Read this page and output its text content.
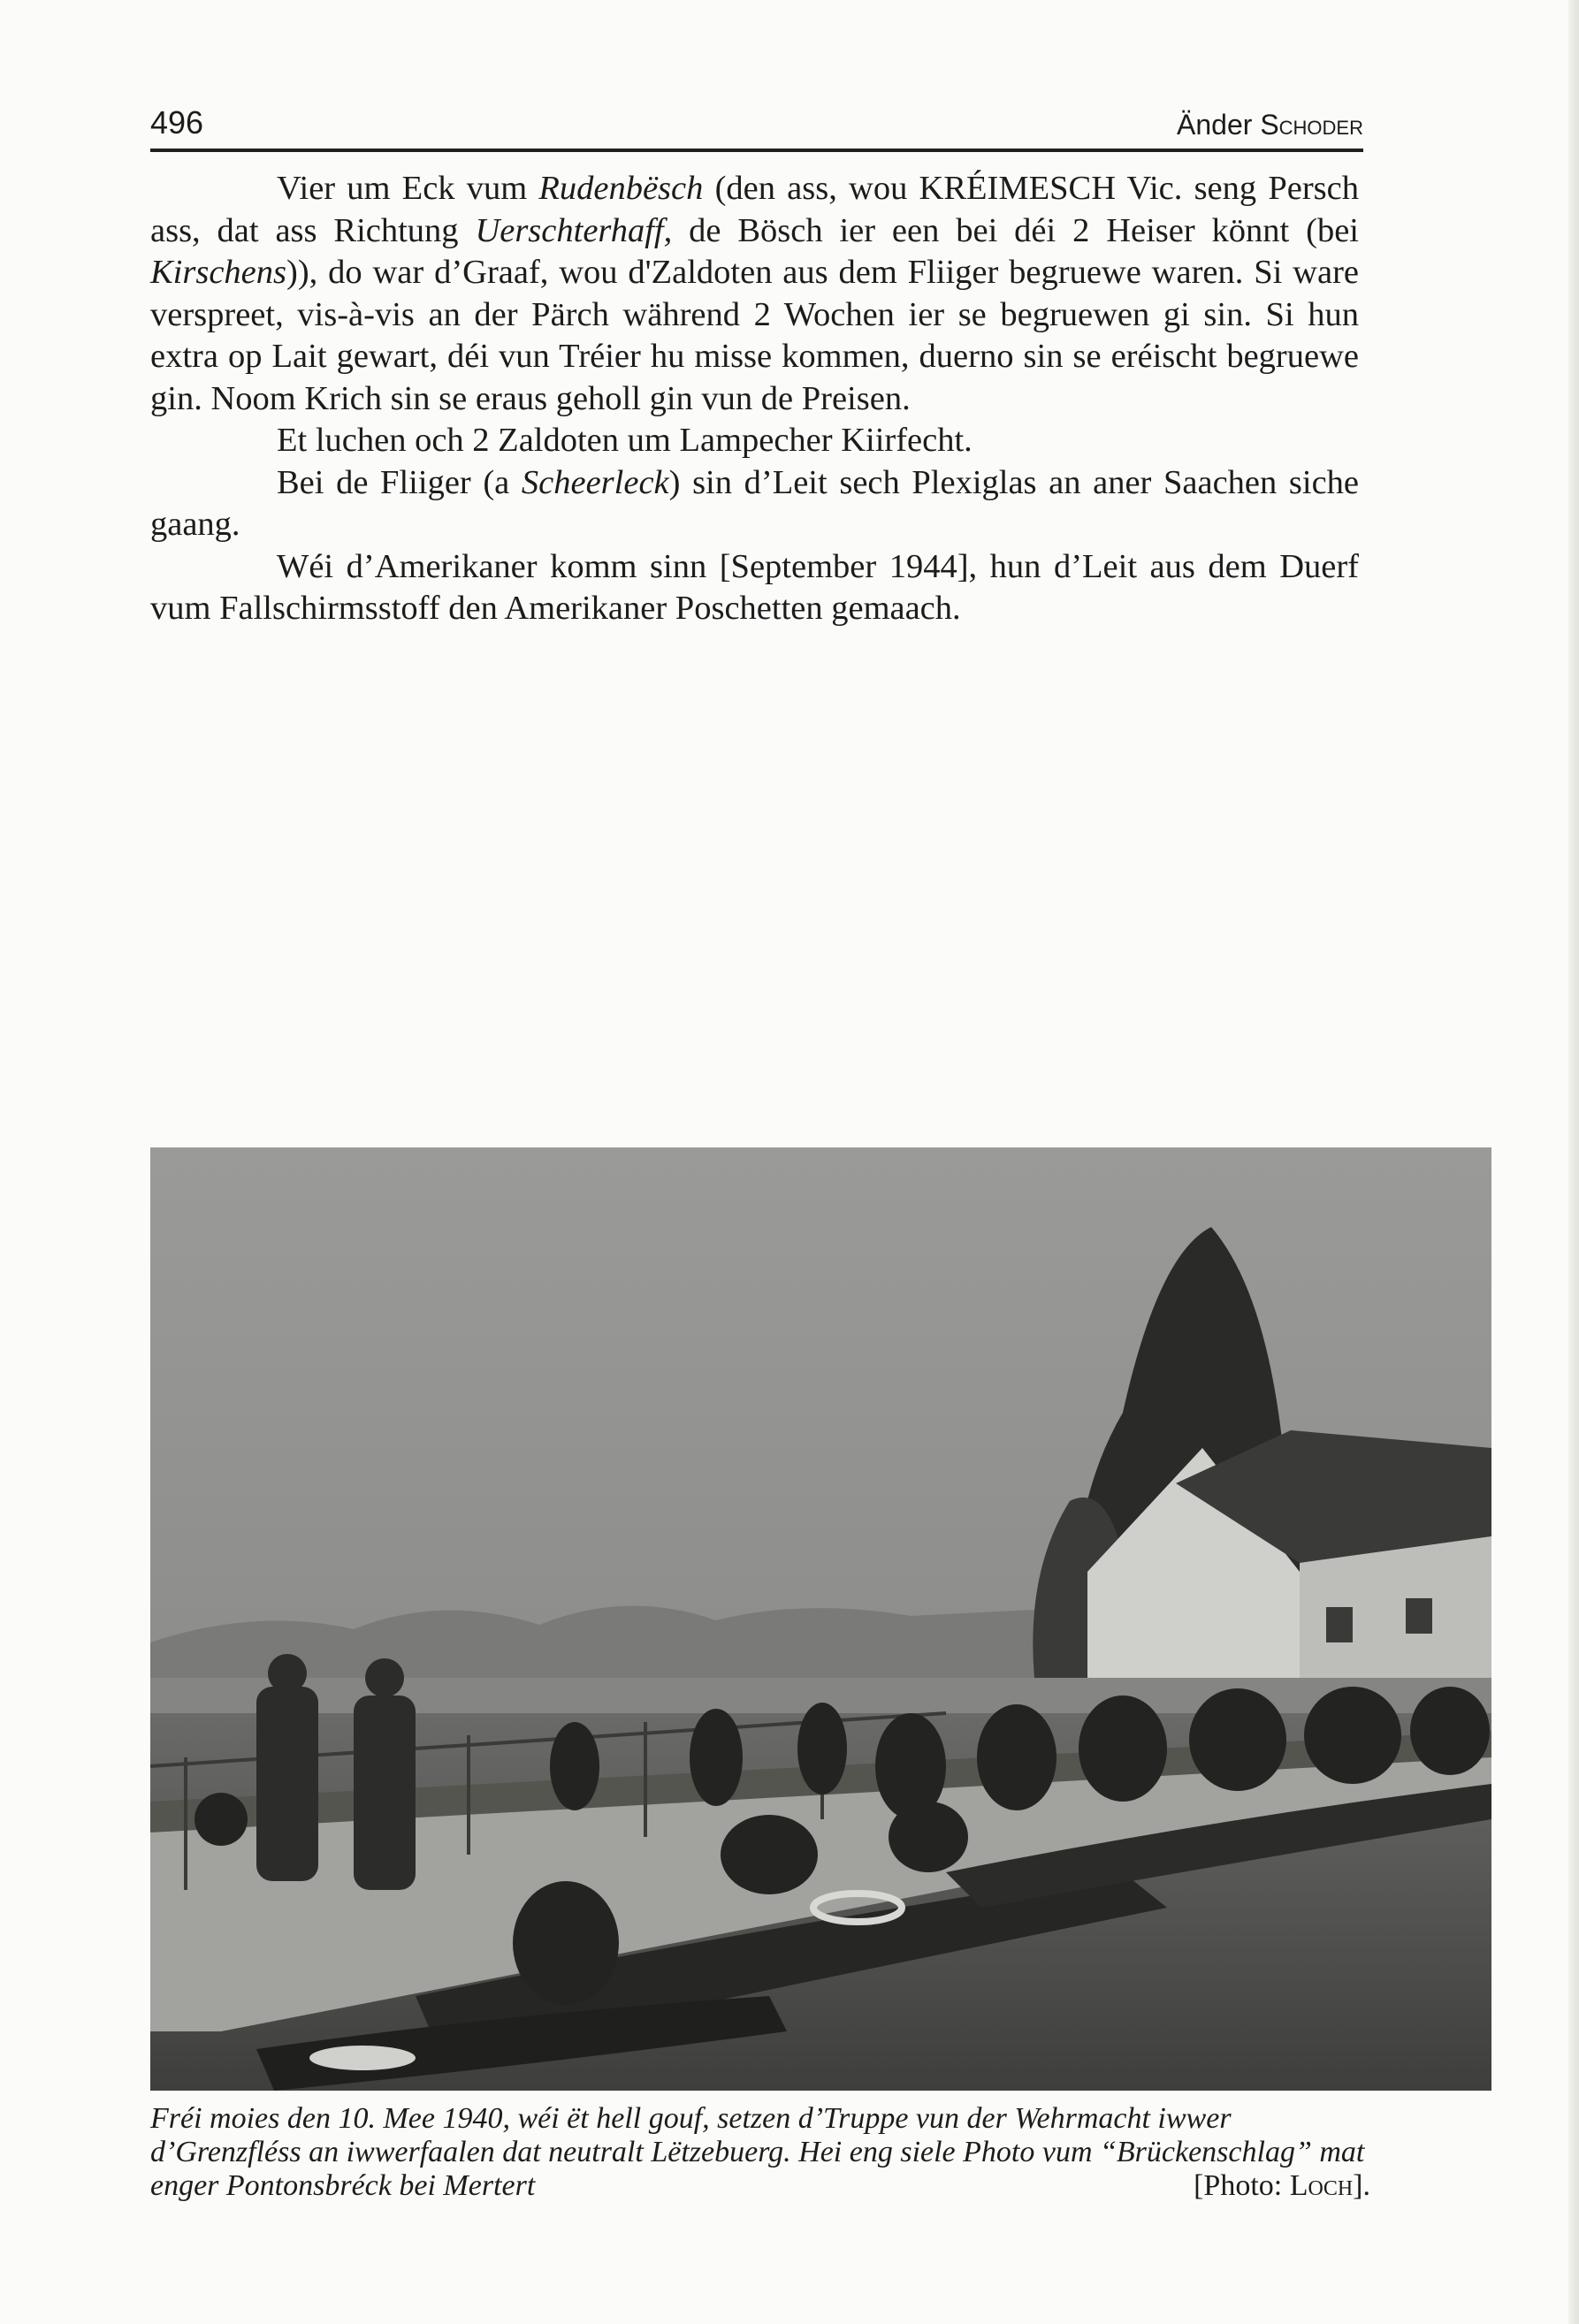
496	Änder Schoder

Vier um Eck vum Rudenbësch (den ass, wou KRÉIMESCH Vic. seng Persch ass, dat ass Richtung Uerschterhaff, de Bösch ier een bei déi 2 Heiser könnt (bei Kirschens)), do war d’Graaf, wou d'Zaldoten aus dem Fliiger begruewe waren. Si ware verspreet, vis-à-vis an der Pärch während 2 Wochen ier se begruewen gi sin. Si hun extra op Lait gewart, déi vun Tréier hu misse kommen, duerno sin se eréischt begruewe gin. Noom Krich sin se eraus geholl gin vun de Preisen.

Et luchen och 2 Zaldoten um Lampecher Kiirfecht.

Bei de Fliiger (a Scheerleck) sin d’Leit sech Plexiglas an aner Saachen siche gaang.

Wéi d’Amerikaner komm sinn [September 1944], hun d’Leit aus dem Duerf vum Fallschirmsstoff den Amerikaner Poschetten gemaach.

Fréi moies den 10. Mee 1940, wéi ët hell gouf, setzen d’Truppe vun der Wehrmacht iwwer d’Grenzfléss an iwwerfaalen dat neutralt Lëtzebuerg. Hei eng siele Photo vum “Brückenschlag” mat enger Pontonsbréck bei Mertert	[Photo: Loch].
